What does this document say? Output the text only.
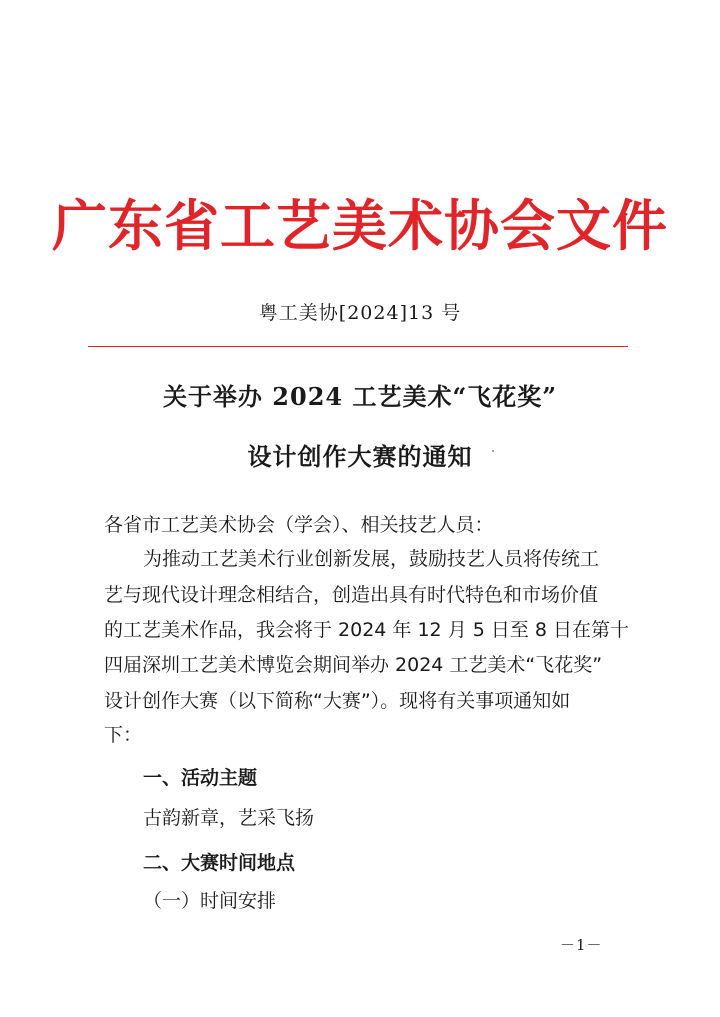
广东省工艺美术协会文件
粤工美协[2024]13 号
关于举办 2024 工艺美术“飞花奖”
设计创作大赛的通知
各省市工艺美术协会（学会）、相关技艺人员：
为推动工艺美术行业创新发展，鼓励技艺人员将传统工
艺与现代设计理念相结合，创造出具有时代特色和市场价值
的工艺美术作品，我会将于 2024 年 12 月 5 日至 8 日在第十
四届深圳工艺美术博览会期间举办 2024 工艺美术“飞花奖”
设计创作大赛（以下简称“大赛”）。现将有关事项通知如
下：
一、活动主题
古韵新章，艺采飞扬
二、大赛时间地点
（一）时间安排
－1－
